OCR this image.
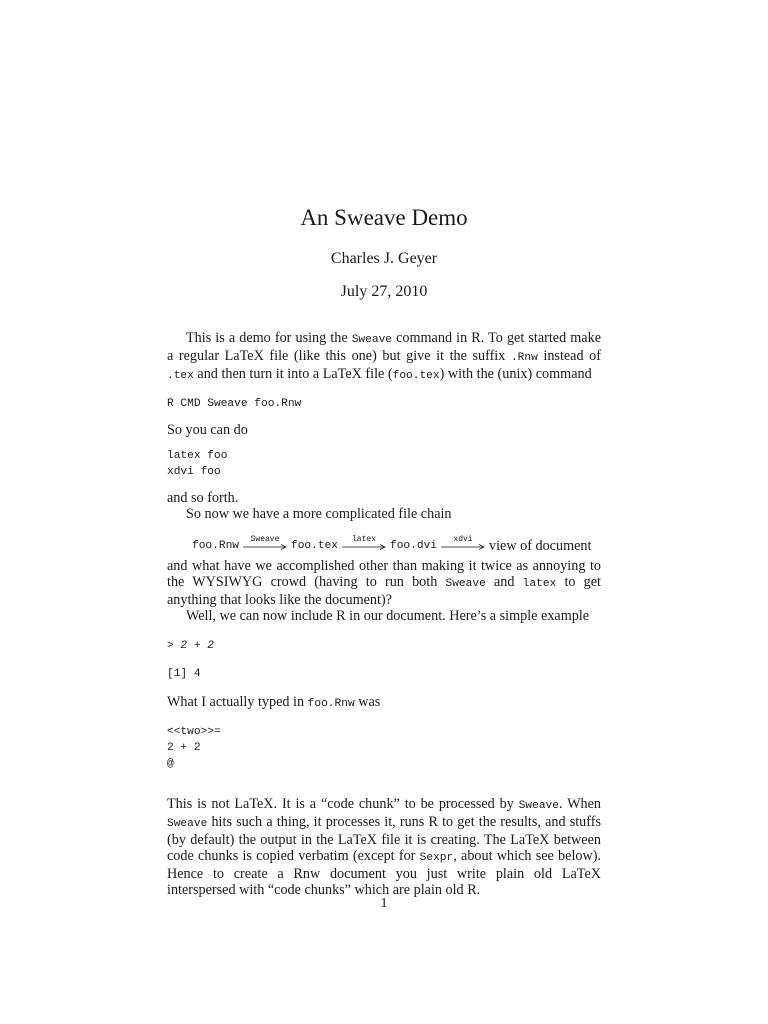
An Sweave Demo
Charles J. Geyer
July 27, 2010

This is a demo for using the Sweave command in R. To get started make a regular LaTeX file (like this one) but give it the suffix .Rnw instead of .tex and then turn it into a LaTeX file (foo.tex) with the (unix) command

R CMD Sweave foo.Rnw

So you can do

latex foo
xdvi foo

and so forth.

So now we have a more complicated file chain

foo.Rnw
Sweave
foo.tex
latex
foo.dvi
xdvi view of document

and what have we accomplished other than making it twice as annoying to the WYSIWYG crowd (having to run both Sweave and latex to get anything that looks like the document)?

Well, we can now include R in our document. Here’s a simple example

> 2 + 2
[1] 4

What I actually typed in foo.Rnw was

<<two>>=
2 + 2
@

This is not LaTeX. It is a “code chunk” to be processed by Sweave. When Sweave hits such a thing, it processes it, runs R to get the results, and stuffs (by default) the output in the LaTeX file it is creating. The LaTeX between code chunks is copied verbatim (except for Sexpr, about which see below). Hence to create a Rnw document you just write plain old LaTeX interspersed with “code chunks” which are plain old R.

1
